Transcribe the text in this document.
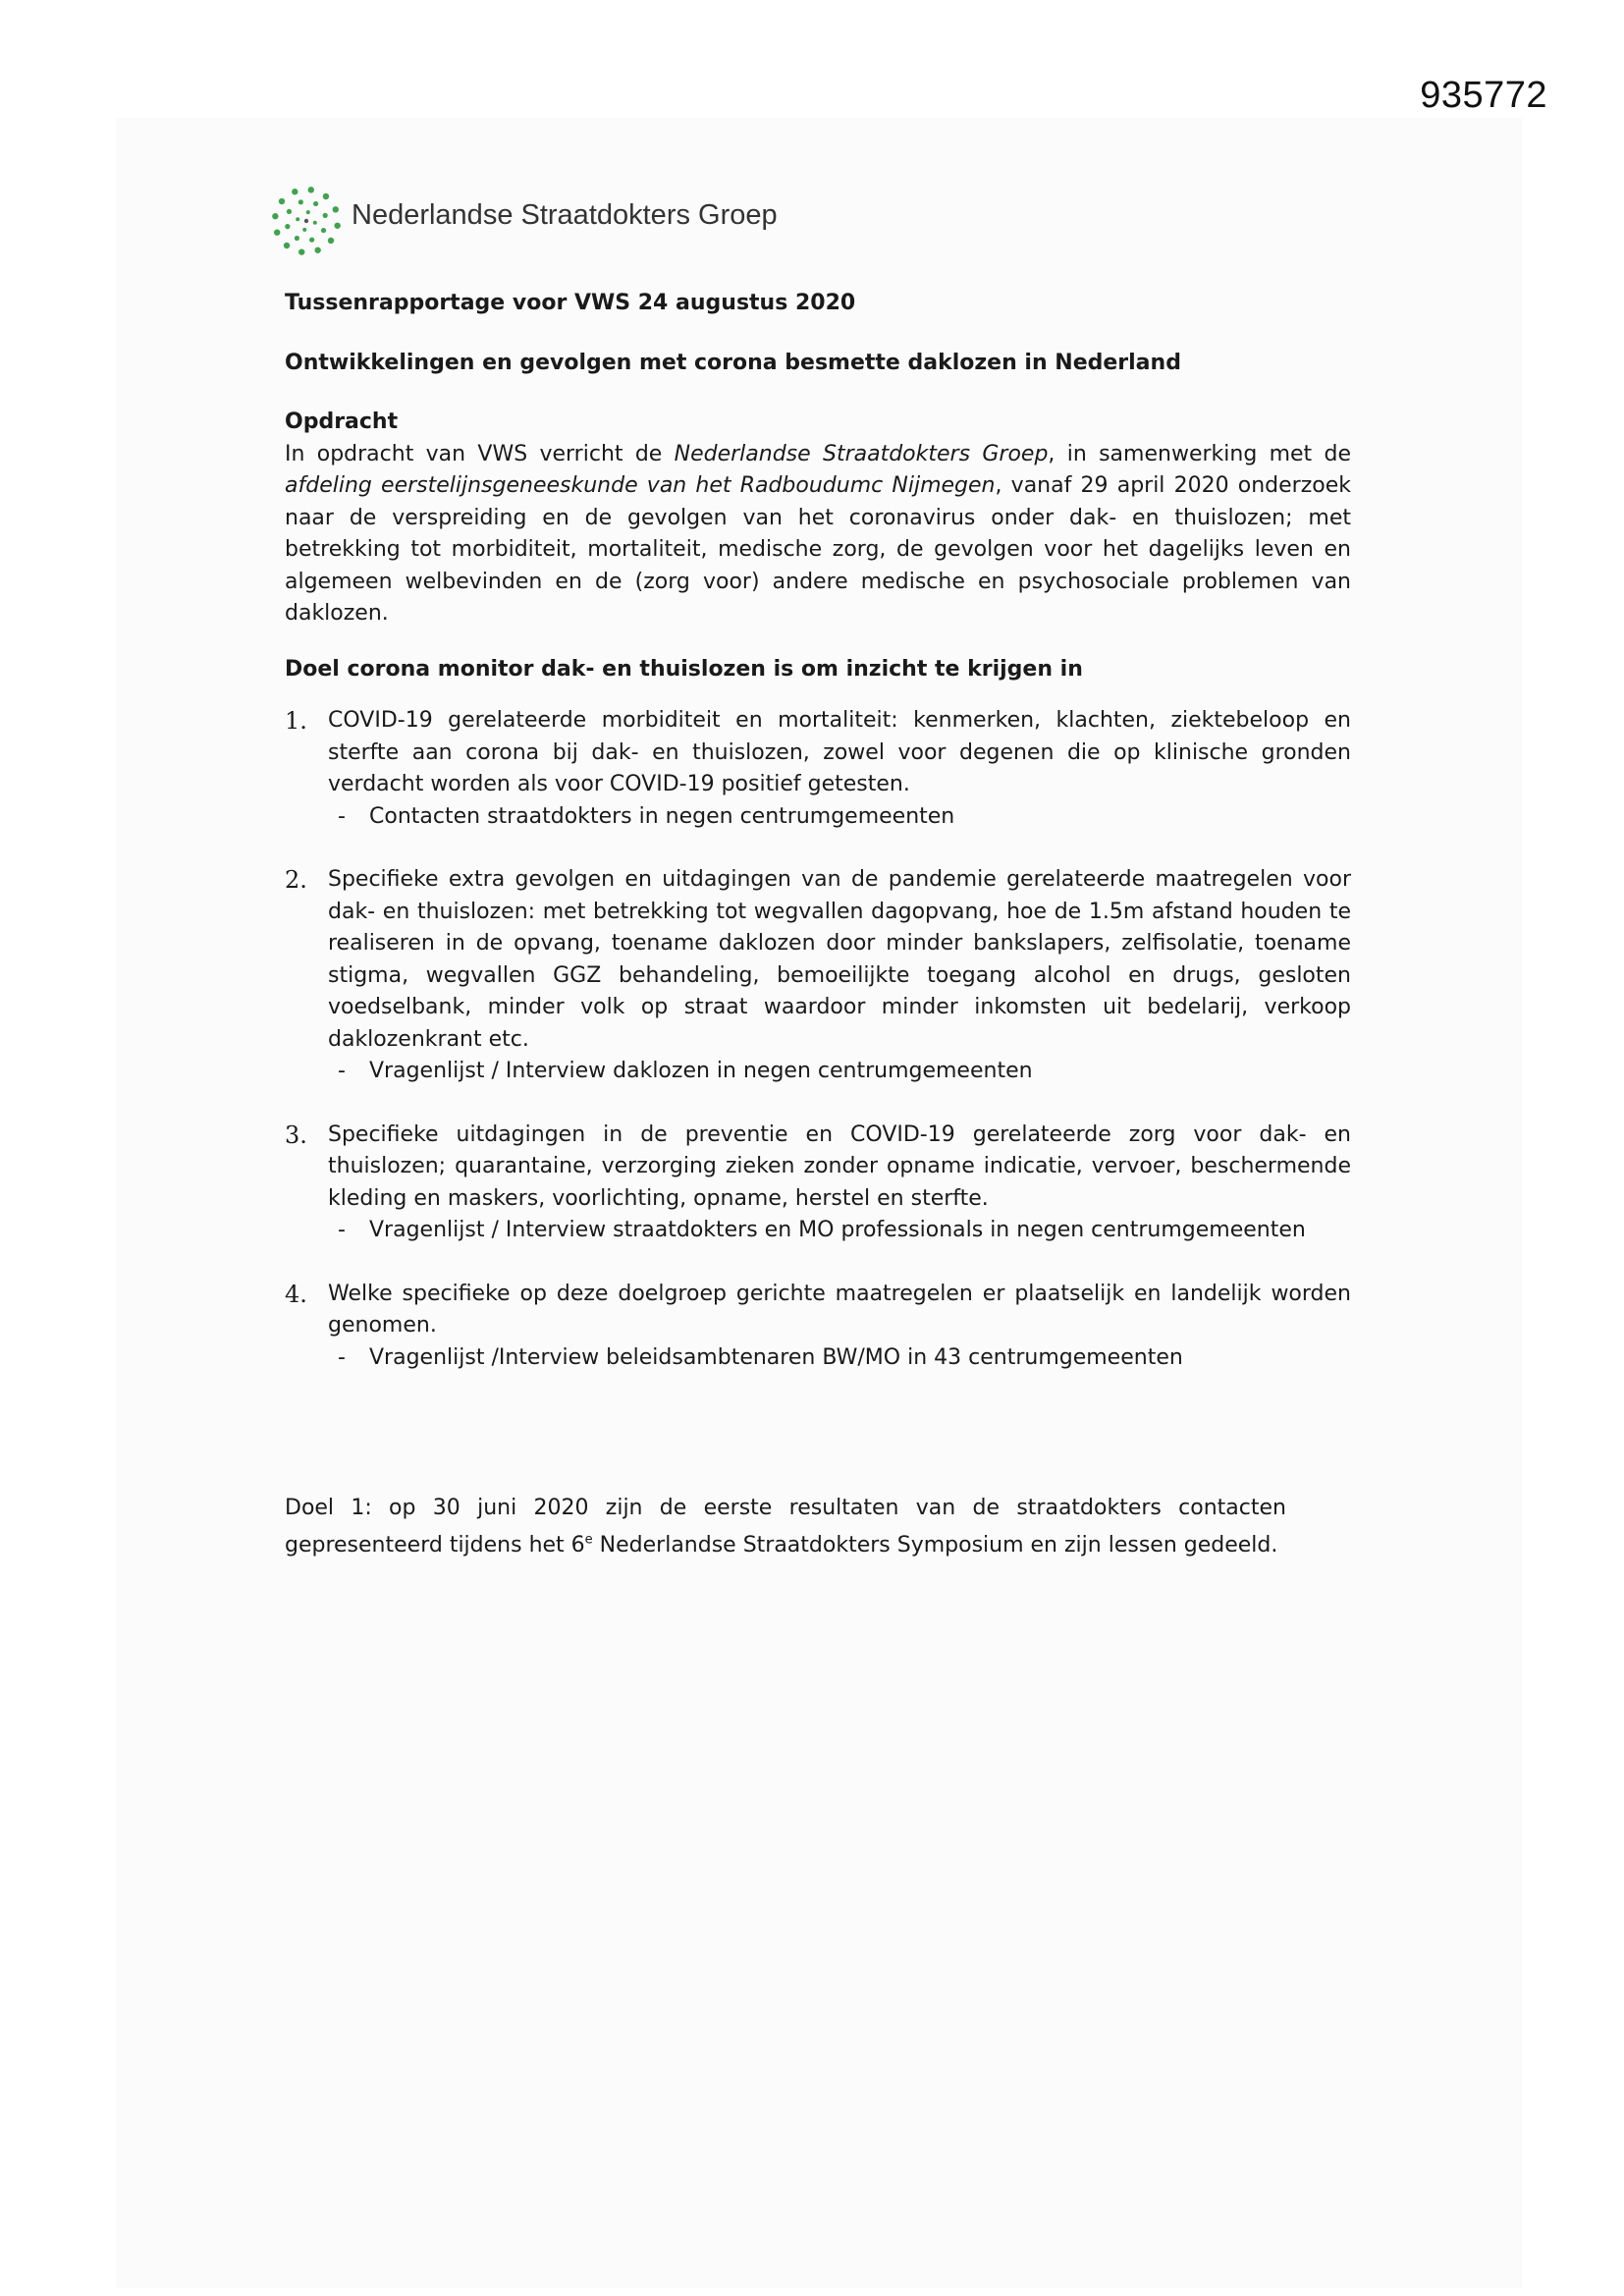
935772
Nederlandse Straatdokters Groep

Tussenrapportage voor VWS 24 augustus 2020

Ontwikkelingen en gevolgen met corona besmette daklozen in Nederland

Opdracht

In opdracht van VWS verricht de Nederlandse Straatdokters Groep, in samenwerking met de afdeling eerstelijnsgeneeskunde van het Radboudumc Nijmegen, vanaf 29 april 2020 onderzoek naar de verspreiding en de gevolgen van het coronavirus onder dak- en thuislozen; met betrekking tot morbiditeit, mortaliteit, medische zorg, de gevolgen voor het dagelijks leven en algemeen welbevinden en de (zorg voor) andere medische en psychosociale problemen van daklozen.

Doel corona monitor dak- en thuislozen is om inzicht te krijgen in

1. COVID-19 gerelateerde morbiditeit en mortaliteit: kenmerken, klachten, ziektebeloop en sterfte aan corona bij dak- en thuislozen, zowel voor degenen die op klinische gronden verdacht worden als voor COVID-19 positief getesten.

- Contacten straatdokters in negen centrumgemeenten

2. Specifieke extra gevolgen en uitdagingen van de pandemie gerelateerde maatregelen voor dak- en thuislozen: met betrekking tot wegvallen dagopvang, hoe de 1.5m afstand houden te realiseren in de opvang, toename daklozen door minder bankslapers, zelfisolatie, toename stigma, wegvallen GGZ behandeling, bemoeilijkte toegang alcohol en drugs, gesloten voedselbank, minder volk op straat waardoor minder inkomsten uit bedelarij, verkoop daklozenkrant etc.

- Vragenlijst / Interview daklozen in negen centrumgemeenten

3. Specifieke uitdagingen in de preventie en COVID-19 gerelateerde zorg voor dak- en thuislozen; quarantaine, verzorging zieken zonder opname indicatie, vervoer, beschermende kleding en maskers, voorlichting, opname, herstel en sterfte.

- Vragenlijst / Interview straatdokters en MO professionals in negen centrumgemeenten

4. Welke specifieke op deze doelgroep gerichte maatregelen er plaatselijk en landelijk worden genomen.

- Vragenlijst /Interview beleidsambtenaren BW/MO in 43 centrumgemeenten

Doel 1: op 30 juni 2020 zijn de eerste resultaten van de straatdokters contacten gepresenteerd tijdens het 6e Nederlandse Straatdokters Symposium en zijn lessen gedeeld.
